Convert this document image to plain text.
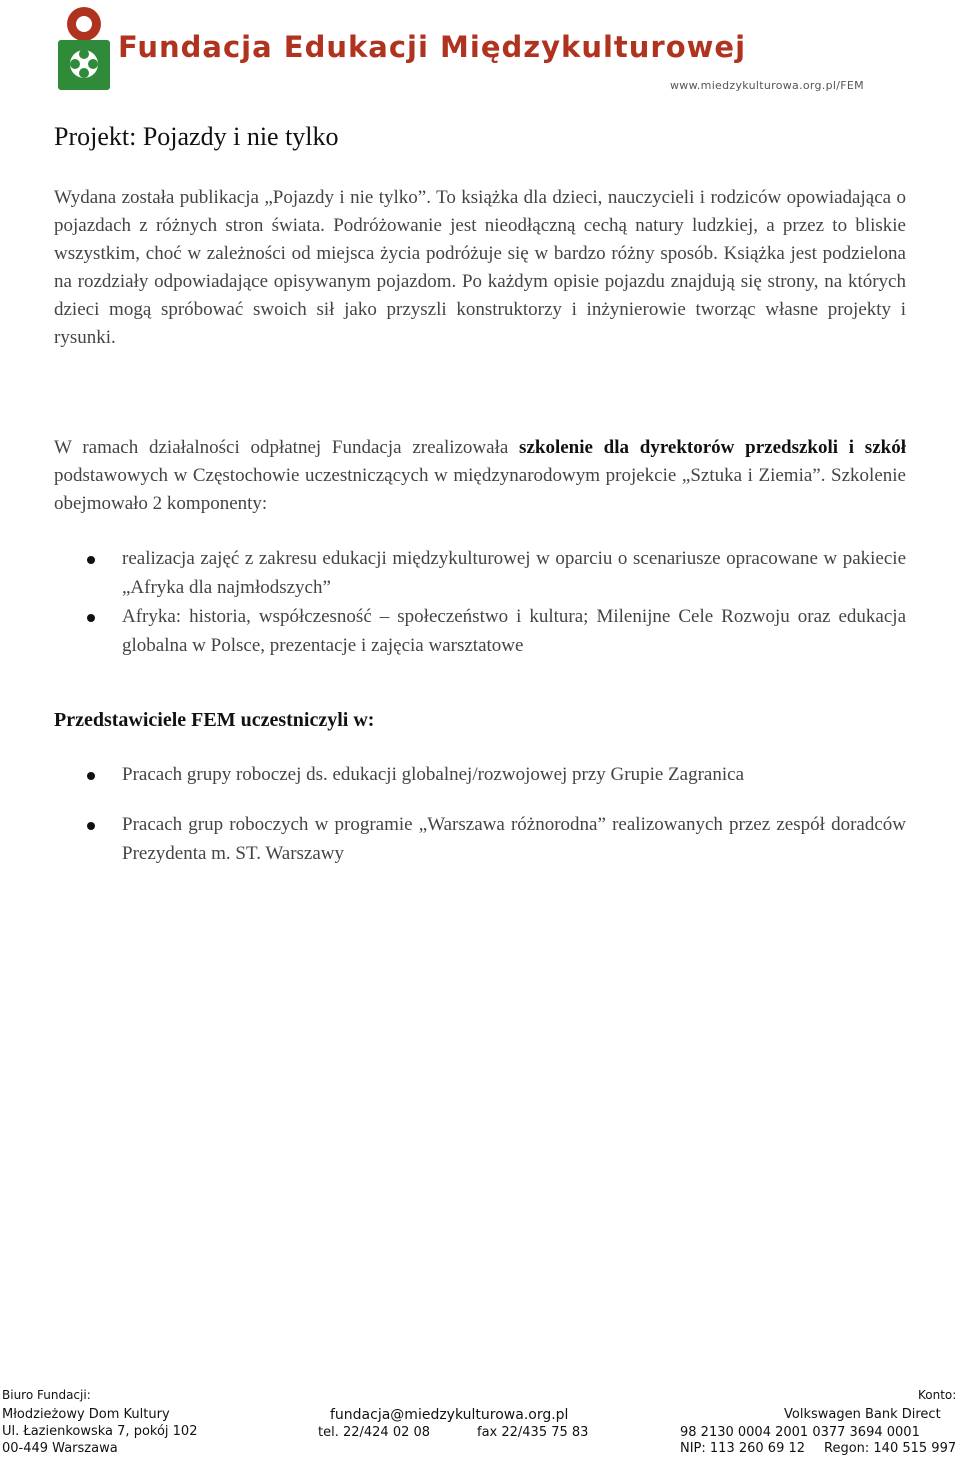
Fundacja Edukacji Międzykulturowej
www.miedzykulturowa.org.pl/FEM
Projekt: Pojazdy i nie tylko

Wydana została publikacja „Pojazdy i nie tylko”. To książka dla dzieci, nauczycieli i rodziców opowiadająca o pojazdach z różnych stron świata. Podróżowanie jest nieodłączną cechą natury ludzkiej, a przez to bliskie wszystkim, choć w zależności od miejsca życia podróżuje się w bardzo różny sposób. Książka jest podzielona na rozdziały odpowiadające opisywanym pojazdom. Po każdym opisie pojazdu znajdują się strony, na których dzieci mogą spróbować swoich sił jako przyszli konstruktorzy i inżynierowie tworząc własne projekty i rysunki.

W ramach działalności odpłatnej Fundacja zrealizowała szkolenie dla dyrektorów przedszkoli i szkół podstawowych w Częstochowie uczestniczących w międzynarodowym projekcie „Sztuka i Ziemia”. Szkolenie obejmowało 2 komponenty:

realizacja zajęć z zakresu edukacji międzykulturowej w oparciu o scenariusze opracowane w pakiecie „Afryka dla najmłodszych”
Afryka: historia, współczesność – społeczeństwo i kultura; Milenijne Cele Rozwoju oraz edukacja globalna w Polsce, prezentacje i zajęcia warsztatowe
Przedstawiciele FEM uczestniczyli w:
Pracach grupy roboczej ds. edukacji globalnej/rozwojowej przy Grupie Zagranica
Pracach grup roboczych w programie „Warszawa różnorodna” realizowanych przez zespół doradców Prezydenta m. ST. Warszawy
Biuro Fundacji:
Młodzieżowy Dom Kultury
Ul. Łazienkowska 7, pokój 102
00-449 Warszawa
fundacja@miedzykulturowa.org.pl
tel. 22/424 02 08	fax 22/435 75 83
Konto:
Volkswagen Bank Direct
98 2130 0004 2001 0377 3694 0001
NIP: 113 260 69 12 Regon: 140 515 997
